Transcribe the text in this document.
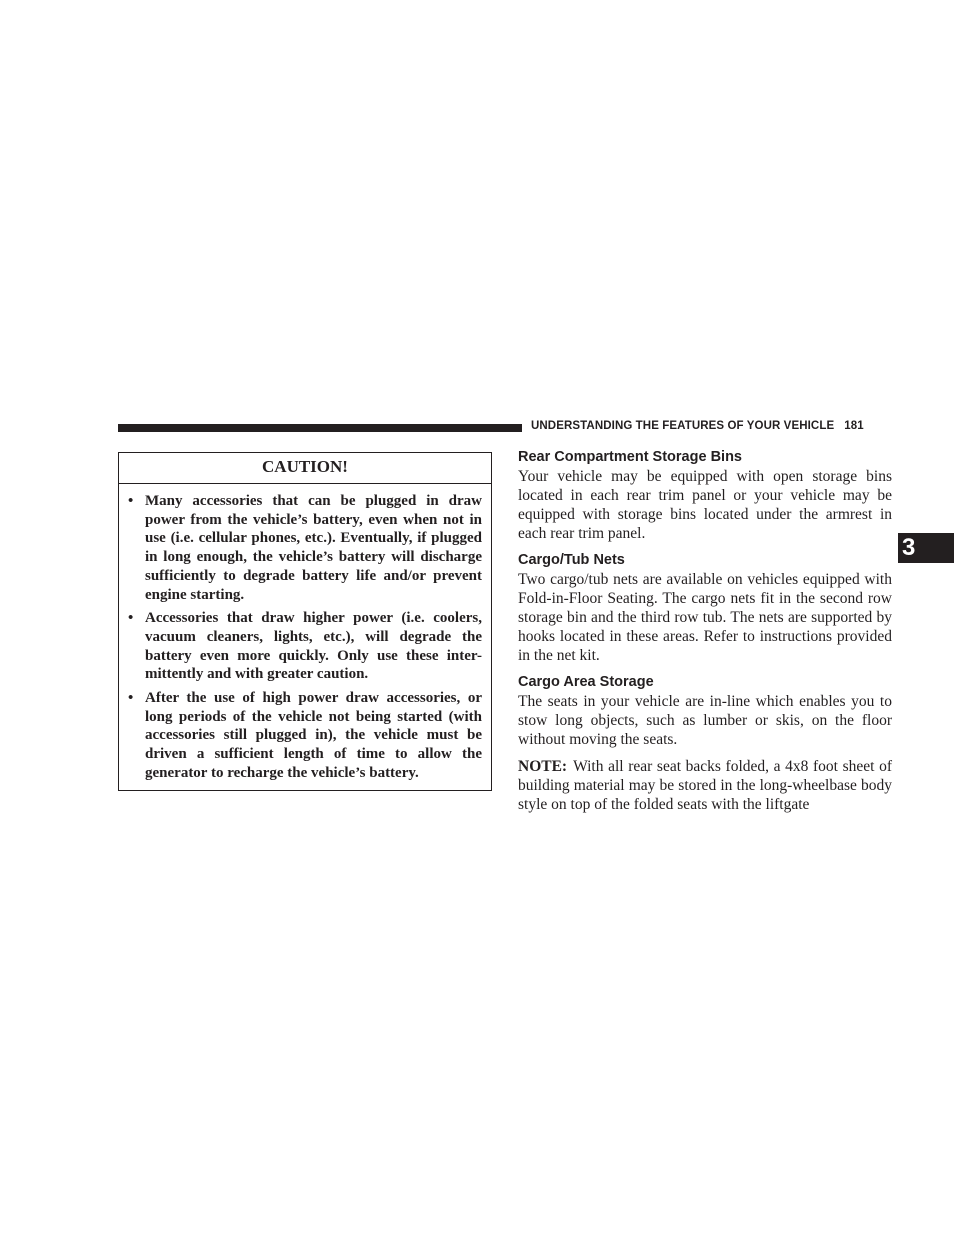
UNDERSTANDING THE FEATURES OF YOUR VEHICLE 181
3
CAUTION!
• Many accessories that can be plugged in draw power from the vehicle’s battery, even when not in use (i.e. cellular phones, etc.). Eventually, if plugged in long enough, the vehicle’s battery will discharge sufficiently to degrade battery life and/or prevent engine starting.
• Accessories that draw higher power (i.e. coolers, vacuum cleaners, lights, etc.), will degrade the battery even more quickly. Only use these inter-mittently and with greater caution.
• After the use of high power draw accessories, or long periods of the vehicle not being started (with accessories still plugged in), the vehicle must be driven a sufficient length of time to allow the generator to recharge the vehicle’s battery.
Rear Compartment Storage Bins

Your vehicle may be equipped with open storage bins located in each rear trim panel or your vehicle may be equipped with storage bins located under the armrest in each rear trim panel.

Cargo/Tub Nets

Two cargo/tub nets are available on vehicles equipped with Fold-in-Floor Seating. The cargo nets fit in the second row storage bin and the third row tub. The nets are supported by hooks located in these areas. Refer to instructions provided in the net kit.

Cargo Area Storage

The seats in your vehicle are in-line which enables you to stow long objects, such as lumber or skis, on the floor without moving the seats.

NOTE: With all rear seat backs folded, a 4x8 foot sheet of building material may be stored in the long-wheelbase body style on top of the folded seats with the liftgate
